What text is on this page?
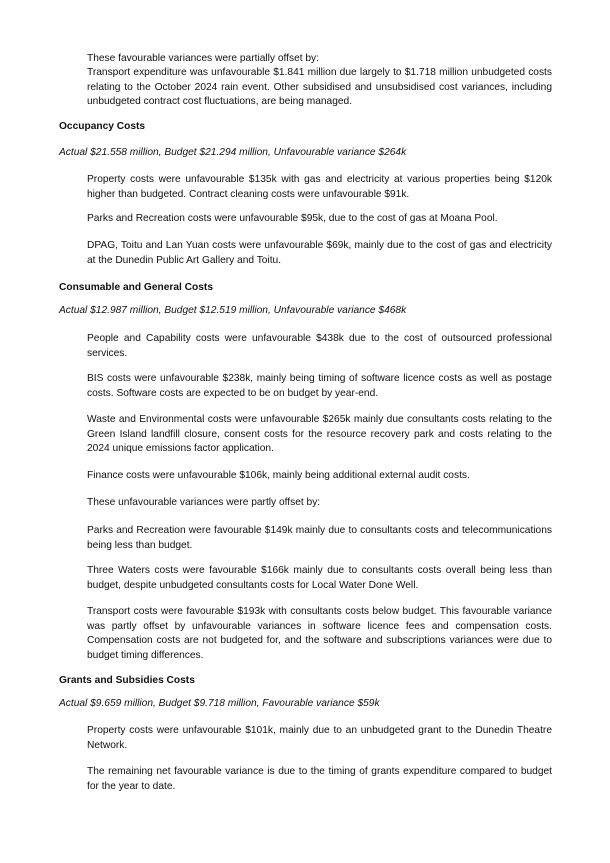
These favourable variances were partially offset by:

Transport expenditure was unfavourable $1.841 million due largely to $1.718 million unbudgeted costs relating to the October 2024 rain event. Other subsidised and unsubsidised cost variances, including unbudgeted contract cost fluctuations, are being managed.

Occupancy Costs

Actual $21.558 million, Budget $21.294 million, Unfavourable variance $264k

Property costs were unfavourable $135k with gas and electricity at various properties being $120k higher than budgeted. Contract cleaning costs were unfavourable $91k.

Parks and Recreation costs were unfavourable $95k, due to the cost of gas at Moana Pool.

DPAG, Toitu and Lan Yuan costs were unfavourable $69k, mainly due to the cost of gas and electricity at the Dunedin Public Art Gallery and Toitu.

Consumable and General Costs

Actual $12.987 million, Budget $12.519 million, Unfavourable variance $468k

People and Capability costs were unfavourable $438k due to the cost of outsourced professional services.

BIS costs were unfavourable $238k, mainly being timing of software licence costs as well as postage costs. Software costs are expected to be on budget by year-end.

Waste and Environmental costs were unfavourable $265k mainly due consultants costs relating to the Green Island landfill closure, consent costs for the resource recovery park and costs relating to the 2024 unique emissions factor application.

Finance costs were unfavourable $106k, mainly being additional external audit costs.

These unfavourable variances were partly offset by:

Parks and Recreation were favourable $149k mainly due to consultants costs and telecommunications being less than budget.

Three Waters costs were favourable $166k mainly due to consultants costs overall being less than budget, despite unbudgeted consultants costs for Local Water Done Well.

Transport costs were favourable $193k with consultants costs below budget. This favourable variance was partly offset by unfavourable variances in software licence fees and compensation costs. Compensation costs are not budgeted for, and the software and subscriptions variances were due to budget timing differences.

Grants and Subsidies Costs

Actual $9.659 million, Budget $9.718 million, Favourable variance $59k

Property costs were unfavourable $101k, mainly due to an unbudgeted grant to the Dunedin Theatre Network.

The remaining net favourable variance is due to the timing of grants expenditure compared to budget for the year to date.
